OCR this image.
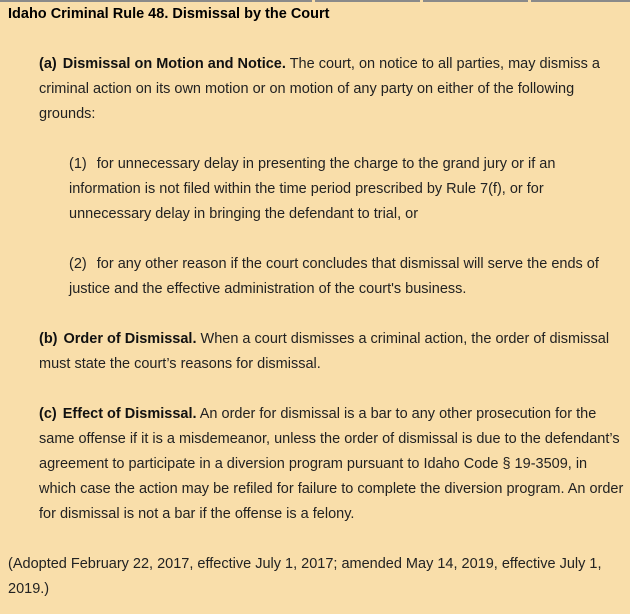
Idaho Criminal Rule 48. Dismissal by the Court
(a) Dismissal on Motion and Notice. The court, on notice to all parties, may dismiss a criminal action on its own motion or on motion of any party on either of the following grounds:
(1) for unnecessary delay in presenting the charge to the grand jury or if an information is not filed within the time period prescribed by Rule 7(f), or for unnecessary delay in bringing the defendant to trial, or
(2) for any other reason if the court concludes that dismissal will serve the ends of justice and the effective administration of the court's business.
(b) Order of Dismissal. When a court dismisses a criminal action, the order of dismissal must state the court’s reasons for dismissal.
(c) Effect of Dismissal. An order for dismissal is a bar to any other prosecution for the same offense if it is a misdemeanor, unless the order of dismissal is due to the defendant’s agreement to participate in a diversion program pursuant to Idaho Code § 19-3509, in which case the action may be refiled for failure to complete the diversion program. An order for dismissal is not a bar if the offense is a felony.
(Adopted February 22, 2017, effective July 1, 2017; amended May 14, 2019, effective July 1, 2019.)
